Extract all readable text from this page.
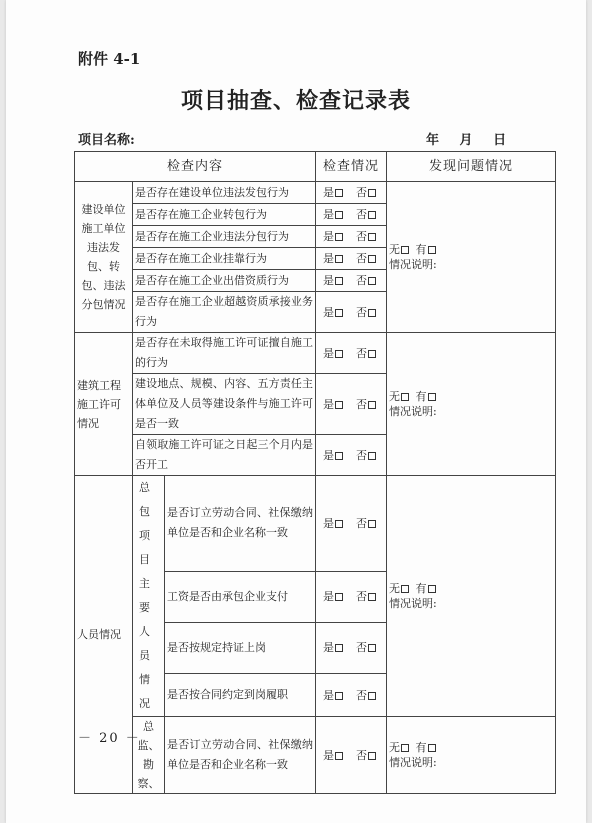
附件 4-1
项目抽查、检查记录表
项目名称:	年 月 日
检查内容			检查情况	发现问题情况
建设单位施工单位违法发包、转包、违法分包情况	是否存在建设单位违法发包行为		是 否	无 有
情况说明:

	是否存在施工企业转包行为		是 否	
	是否存在施工企业违法分包行为		是 否	
	是否存在施工企业挂靠行为		是 否	
	是否存在施工企业出借资质行为		是 否	
	是否存在施工企业超越资质承接业务行为		是 否	
建筑工程施工许可情况	是否存在未取得施工许可证擅自施工的行为		是 否	无 有
情况说明:

	建设地点、规模、内容、五方责任主体单位及人员等建设条件与施工许可是否一致		是 否	
	自领取施工许可证之日起三个月内是否开工		是 否	
人员情况	总包项目主要人员情况	是否订立劳动合同、社保缴纳单位是否和企业名称一致	是 否	无 有
情况说明:

		工资是否由承包企业支付	是 否	
		是否按规定持证上岗	是 否	
		是否按合同约定到岗履职	是 否	
	总监、勘察、	是否订立劳动合同、社保缴纳单位是否和企业名称一致	是 否	无 有
情况说明:
－ 20 －
